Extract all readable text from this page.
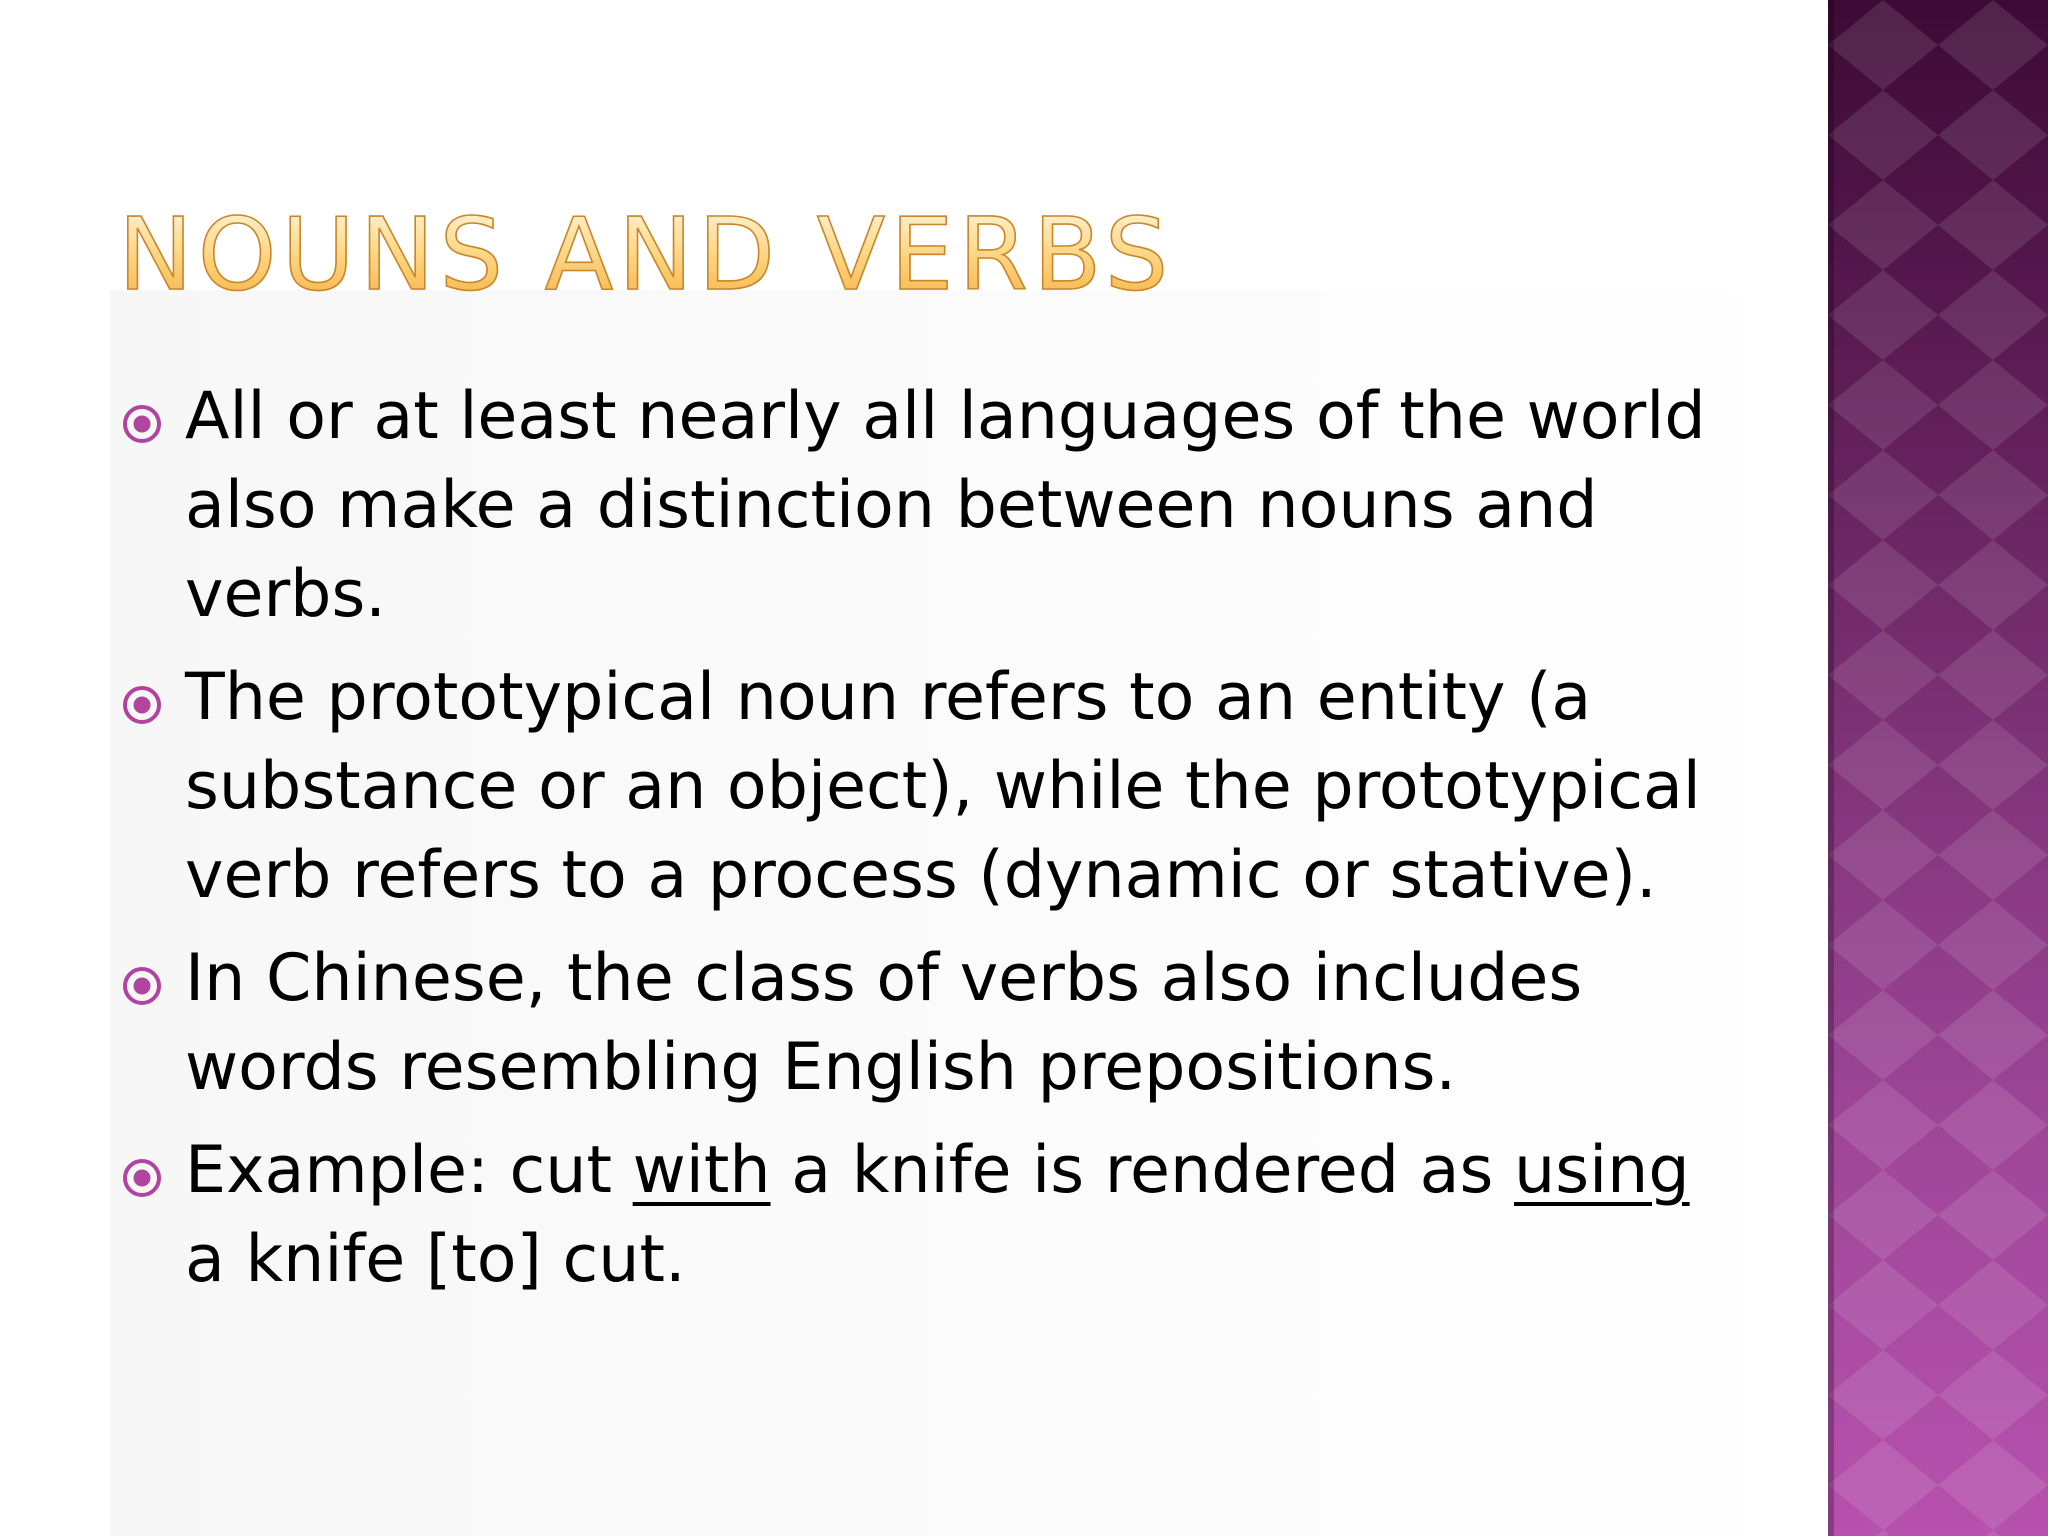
NOUNS AND VERBS
All or at least nearly all languages of the world also make a distinction between nouns and verbs.
The prototypical noun refers to an entity (a substance or an object), while the prototypical verb refers to a process (dynamic or stative).
In Chinese, the class of verbs also includes words resembling English prepositions.
Example: cut with a knife is rendered as using a knife [to] cut.
